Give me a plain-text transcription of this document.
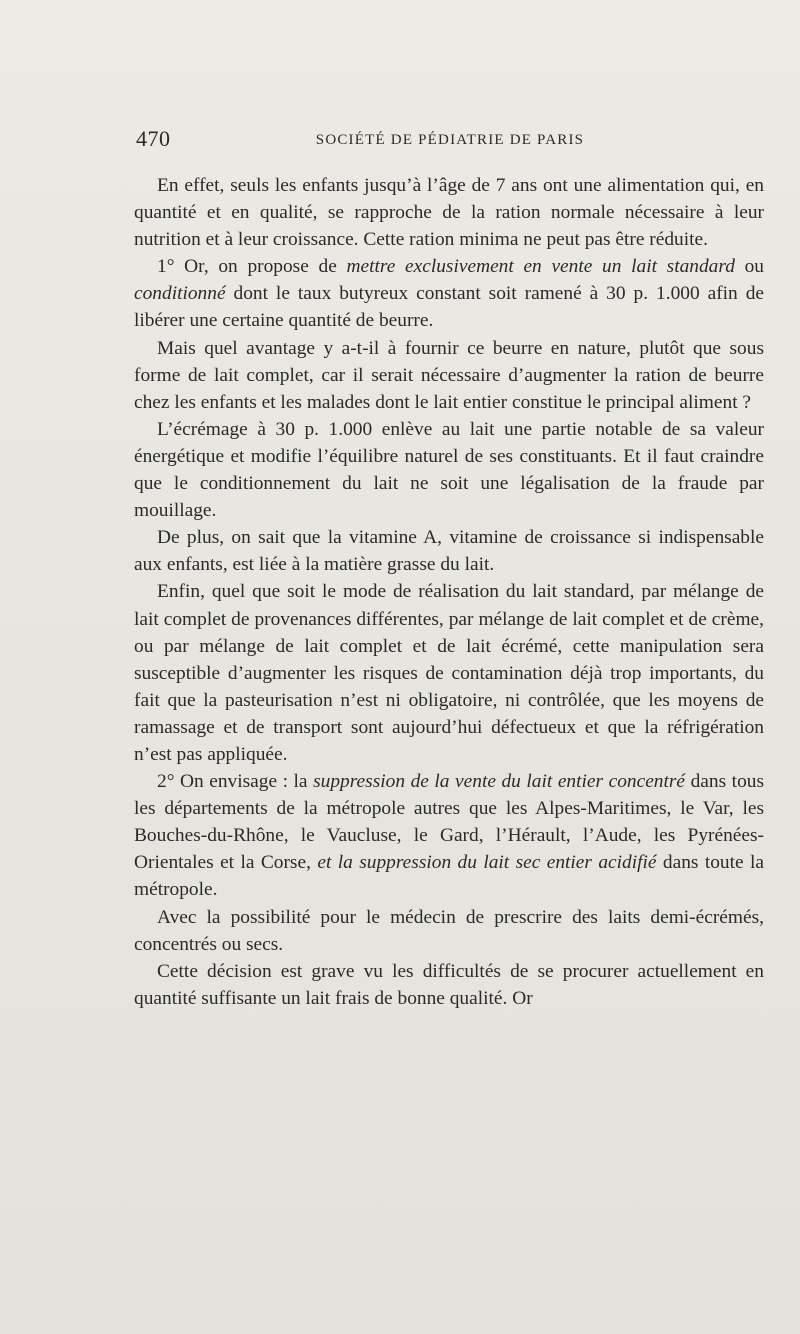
470	SOCIÉTÉ DE PÉDIATRIE DE PARIS

En effet, seuls les enfants jusqu’à l’âge de 7 ans ont une alimentation qui, en quantité et en qualité, se rapproche de la ration normale nécessaire à leur nutrition et à leur croissance. Cette ration minima ne peut pas être réduite.

1° Or, on propose de mettre exclusivement en vente un lait standard ou conditionné dont le taux butyreux constant soit ramené à 30 p. 1.000 afin de libérer une certaine quantité de beurre.

Mais quel avantage y a-t-il à fournir ce beurre en nature, plutôt que sous forme de lait complet, car il serait nécessaire d’augmenter la ration de beurre chez les enfants et les malades dont le lait entier constitue le principal aliment ?

L’écrémage à 30 p. 1.000 enlève au lait une partie notable de sa valeur énergétique et modifie l’équilibre naturel de ses constituants. Et il faut craindre que le conditionnement du lait ne soit une légalisation de la fraude par mouillage.

De plus, on sait que la vitamine A, vitamine de croissance si indispensable aux enfants, est liée à la matière grasse du lait.

Enfin, quel que soit le mode de réalisation du lait standard, par mélange de lait complet de provenances différentes, par mélange de lait complet et de crème, ou par mélange de lait complet et de lait écrémé, cette manipulation sera susceptible d’augmenter les risques de contamination déjà trop importants, du fait que la pasteurisation n’est ni obligatoire, ni contrôlée, que les moyens de ramassage et de transport sont aujourd’hui défectueux et que la réfrigération n’est pas appliquée.

2° On envisage : la suppression de la vente du lait entier concentré dans tous les départements de la métropole autres que les Alpes-Maritimes, le Var, les Bouches-du-Rhône, le Vaucluse, le Gard, l’Hérault, l’Aude, les Pyrénées-Orientales et la Corse, et la suppression du lait sec entier acidifié dans toute la métropole.

Avec la possibilité pour le médecin de prescrire des laits demi-écrémés, concentrés ou secs.

Cette décision est grave vu les difficultés de se procurer actuellement en quantité suffisante un lait frais de bonne qualité. Or
